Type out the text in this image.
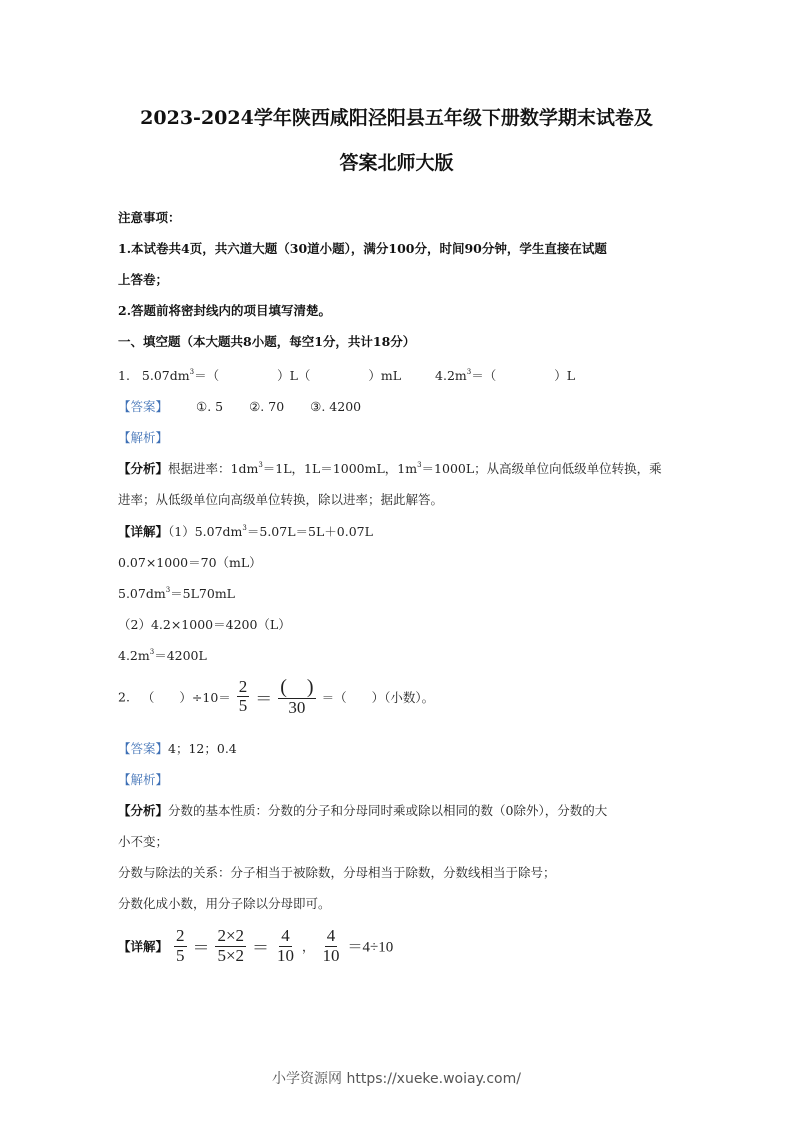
2023-2024学年陕西咸阳泾阳县五年级下册数学期末试卷及
答案北师大版
注意事项：
1.本试卷共4页，共六道大题（30道小题），满分100分，时间90分钟，学生直接在试题
上答卷；
2.答题前将密封线内的项目填写清楚。
一、填空题（本大题共8小题，每空1分，共计18分）
1. $5.07dm^3=$（	）L（	）mL	$4.2m^3=$（	）L
【答案】 ①. 5 ②. 70 ③. 4200
【解析】
【分析】根据进率：$1dm^3=1L$，1L＝1000mL，$1m^3=1000L$；从高级单位向低级单位转换，乘
进率；从低级单位向高级单位转换，除以进率；据此解答。
【详解】$(1)5.07dm^3=5.07L=5L+0.07L$
0.07×1000＝70（mL）
$5.07dm^3=5L70mL$
（2）4.2×1000＝4200（L）
$4.2m^3=4200L$
2. （　　）$\div 10= \frac{2}{5} = \frac{( )}{30}$ ＝（　　）（小数）。
【答案】4；12；0.4
【解析】
【分析】分数的基本性质：分数的分子和分母同时乘或除以相同的数（0除外），分数的大
小不变；
分数与除法的关系：分子相当于被除数，分母相当于除数，分数线相当于除号；
分数化成小数，用分子除以分母即可。
【详解】 $\frac{2}{5} = \frac{2\times 2}{5\times 2} = \frac{4}{10}$ ， $\frac{4}{10} =4\div 10$
小学资源网 https://xueke.woiay.com/
